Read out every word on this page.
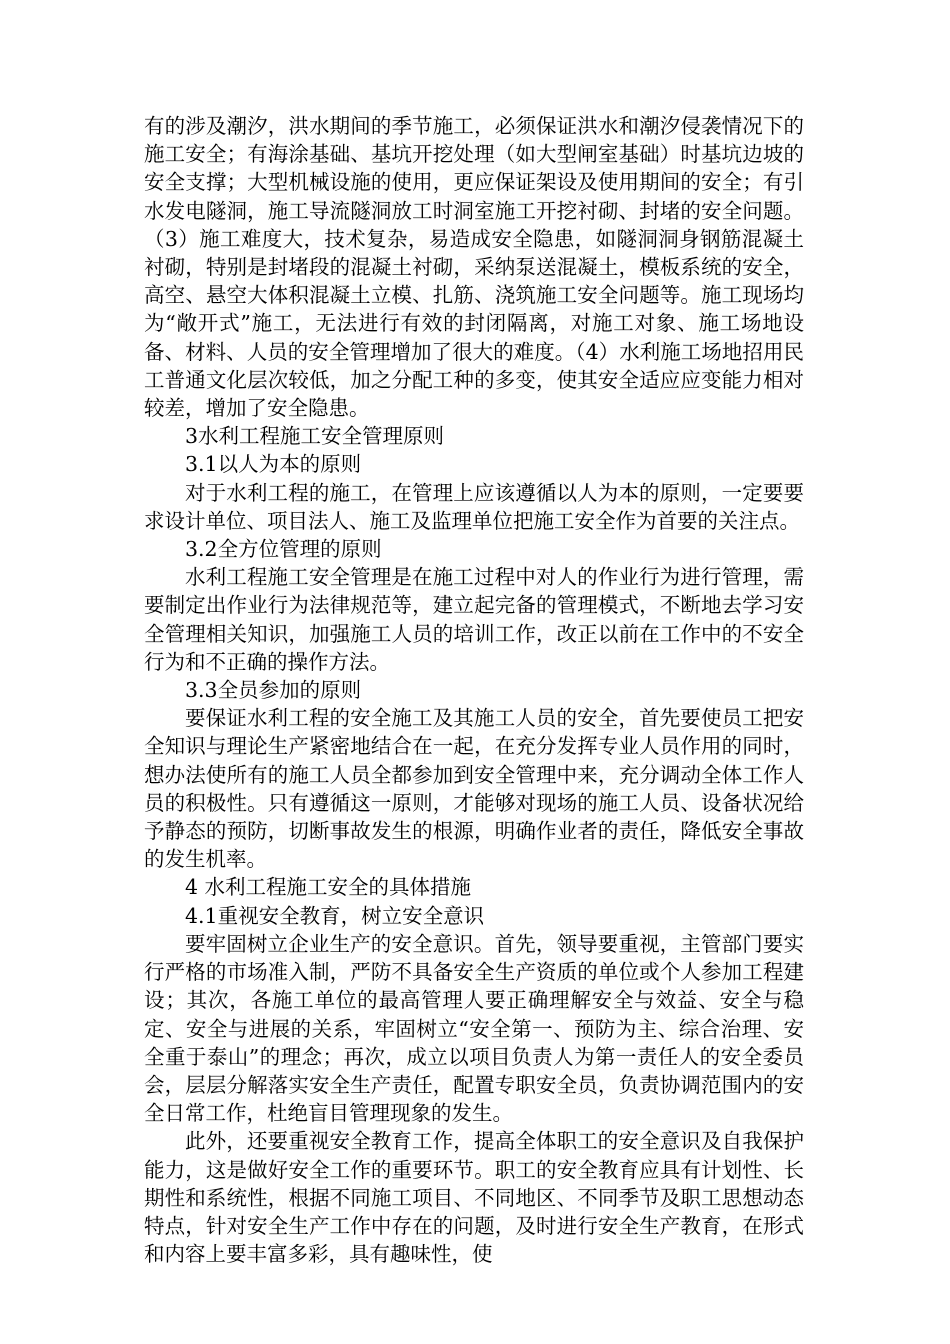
有的涉及潮汐，洪水期间的季节施工，必须保证洪水和潮汐侵袭情况下的施工安全；有海涂基础、基坑开挖处理（如大型闸室基础）时基坑边坡的安全支撑；大型机械设施的使用，更应保证架设及使用期间的安全；有引水发电隧洞，施工导流隧洞放工时洞室施工开挖衬砌、封堵的安全问题。（3）施工难度大，技术复杂，易造成安全隐患，如隧洞洞身钢筋混凝土衬砌，特别是封堵段的混凝土衬砌，采纳泵送混凝土，模板系统的安全，高空、悬空大体积混凝土立模、扎筋、浇筑施工安全问题等。施工现场均为“敞开式”施工，无法进行有效的封闭隔离，对施工对象、施工场地设备、材料、人员的安全管理增加了很大的难度。（4）水利施工场地招用民工普通文化层次较低，加之分配工种的多变，使其安全适应应变能力相对较差，增加了安全隐患。

3水利工程施工安全管理原则

3.1以人为本的原则

对于水利工程的施工，在管理上应该遵循以人为本的原则，一定要要求设计单位、项目法人、施工及监理单位把施工安全作为首要的关注点。

3.2全方位管理的原则

水利工程施工安全管理是在施工过程中对人的作业行为进行管理，需要制定出作业行为法律规范等，建立起完备的管理模式，不断地去学习安全管理相关知识，加强施工人员的培训工作，改正以前在工作中的不安全行为和不正确的操作方法。

3.3全员参加的原则

要保证水利工程的安全施工及其施工人员的安全，首先要使员工把安全知识与理论生产紧密地结合在一起，在充分发挥专业人员作用的同时，想办法使所有的施工人员全都参加到安全管理中来，充分调动全体工作人员的积极性。只有遵循这一原则，才能够对现场的施工人员、设备状况给予静态的预防，切断事故发生的根源，明确作业者的责任，降低安全事故的发生机率。

4 水利工程施工安全的具体措施

4.1重视安全教育，树立安全意识

要牢固树立企业生产的安全意识。首先，领导要重视，主管部门要实行严格的市场准入制，严防不具备安全生产资质的单位或个人参加工程建设；其次，各施工单位的最高管理人要正确理解安全与效益、安全与稳定、安全与进展的关系，牢固树立“安全第一、预防为主、综合治理、安全重于泰山”的理念；再次，成立以项目负责人为第一责任人的安全委员会，层层分解落实安全生产责任，配置专职安全员，负责协调范围内的安全日常工作，杜绝盲目管理现象的发生。

此外，还要重视安全教育工作，提高全体职工的安全意识及自我保护能力，这是做好安全工作的重要环节。职工的安全教育应具有计划性、长期性和系统性，根据不同施工项目、不同地区、不同季节及职工思想动态特点，针对安全生产工作中存在的问题，及时进行安全生产教育，在形式和内容上要丰富多彩，具有趣味性，使
